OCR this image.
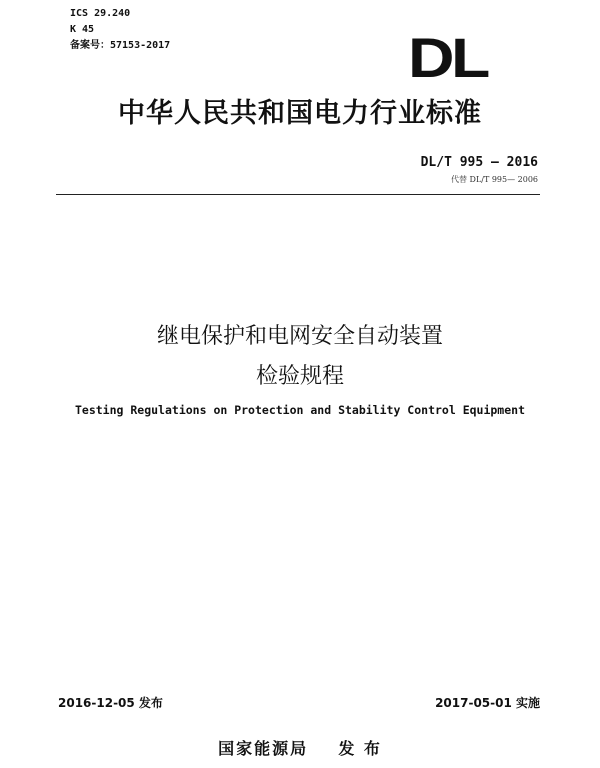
ICS 29.240
K 45
备案号：57153-2017	DL
中华人民共和国电力行业标准
DL/T 995 — 2016
代替 DL/T 995— 2006
继电保护和电网安全自动装置
检验规程
Testing Regulations on Protection and Stability Control Equipment
2016-12-05 发布	2017-05-01 实施
国家能源局    发 布
